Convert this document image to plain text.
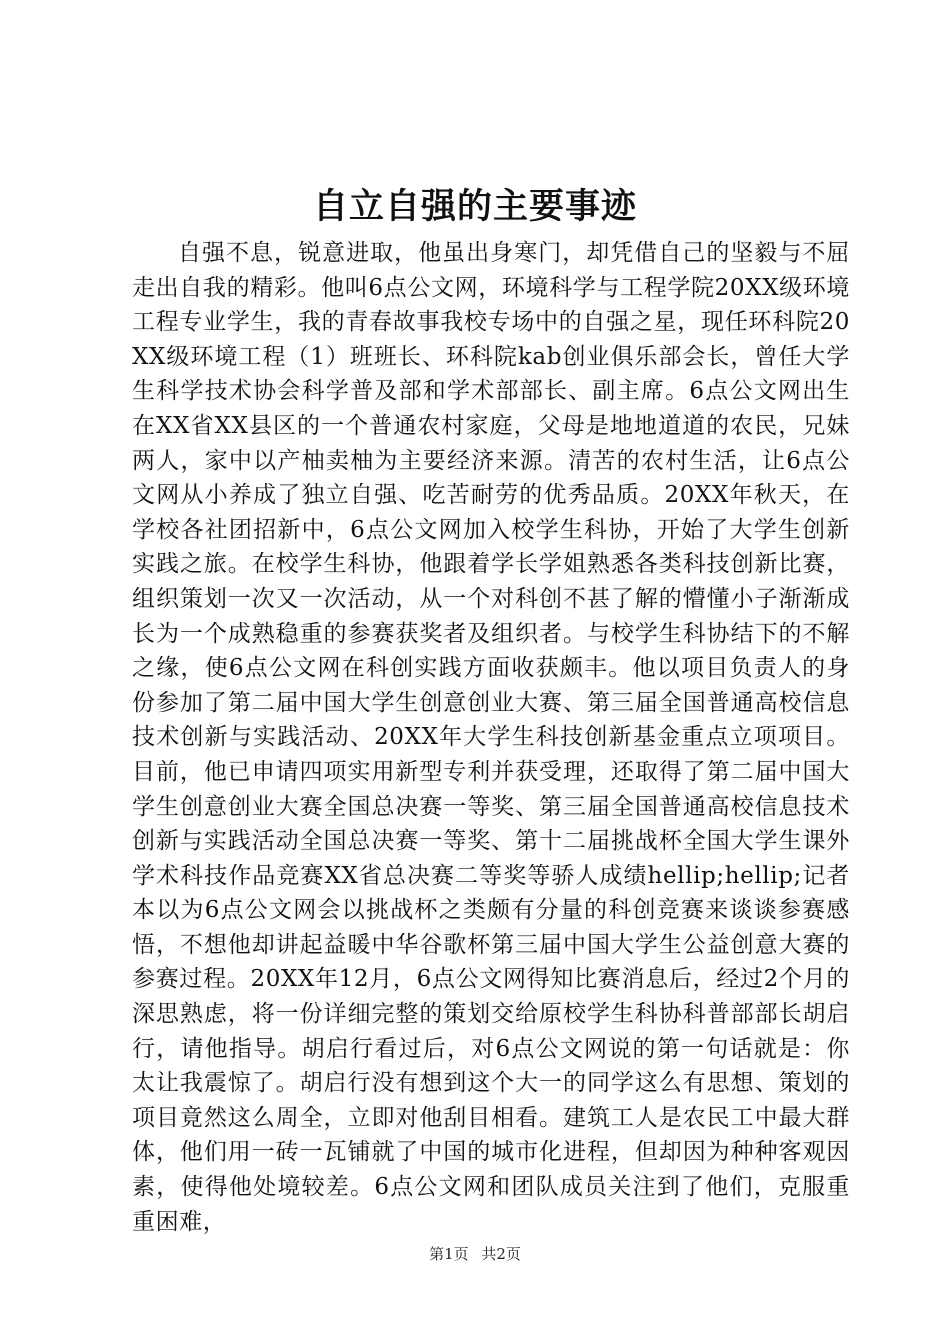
自立自强的主要事迹

自强不息，锐意进取，他虽出身寒门，却凭借自己的坚毅与不屈走出自我的精彩。他叫6点公文网，环境科学与工程学院20XX级环境工程专业学生，我的青春故事我校专场中的自强之星，现任环科院20XX级环境工程（1）班班长、环科院kab创业俱乐部会长，曾任大学生科学技术协会科学普及部和学术部部长、副主席。6点公文网出生在XX省XX县区的一个普通农村家庭，父母是地地道道的农民，兄妹两人，家中以产柚卖柚为主要经济来源。清苦的农村生活，让6点公文网从小养成了独立自强、吃苦耐劳的优秀品质。20XX年秋天，在学校各社团招新中，6点公文网加入校学生科协，开始了大学生创新实践之旅。在校学生科协，他跟着学长学姐熟悉各类科技创新比赛，组织策划一次又一次活动，从一个对科创不甚了解的懵懂小子渐渐成长为一个成熟稳重的参赛获奖者及组织者。与校学生科协结下的不解之缘，使6点公文网在科创实践方面收获颇丰。他以项目负责人的身份参加了第二届中国大学生创意创业大赛、第三届全国普通高校信息技术创新与实践活动、20XX年大学生科技创新基金重点立项项目。目前，他已申请四项实用新型专利并获受理，还取得了第二届中国大学生创意创业大赛全国总决赛一等奖、第三届全国普通高校信息技术创新与实践活动全国总决赛一等奖、第十二届挑战杯全国大学生课外学术科技作品竞赛XX省总决赛二等奖等骄人成绩hellip;hellip;记者本以为6点公文网会以挑战杯之类颇有分量的科创竞赛来谈谈参赛感悟，不想他却讲起益暖中华谷歌杯第三届中国大学生公益创意大赛的参赛过程。20XX年12月，6点公文网得知比赛消息后，经过2个月的深思熟虑，将一份详细完整的策划交给原校学生科协科普部部长胡启行，请他指导。胡启行看过后，对6点公文网说的第一句话就是：你太让我震惊了。胡启行没有想到这个大一的同学这么有思想、策划的项目竟然这么周全，立即对他刮目相看。建筑工人是农民工中最大群体，他们用一砖一瓦铺就了中国的城市化进程，但却因为种种客观因素，使得他处境较差。6点公文网和团队成员关注到了他们，克服重重困难，

第1页 共2页
